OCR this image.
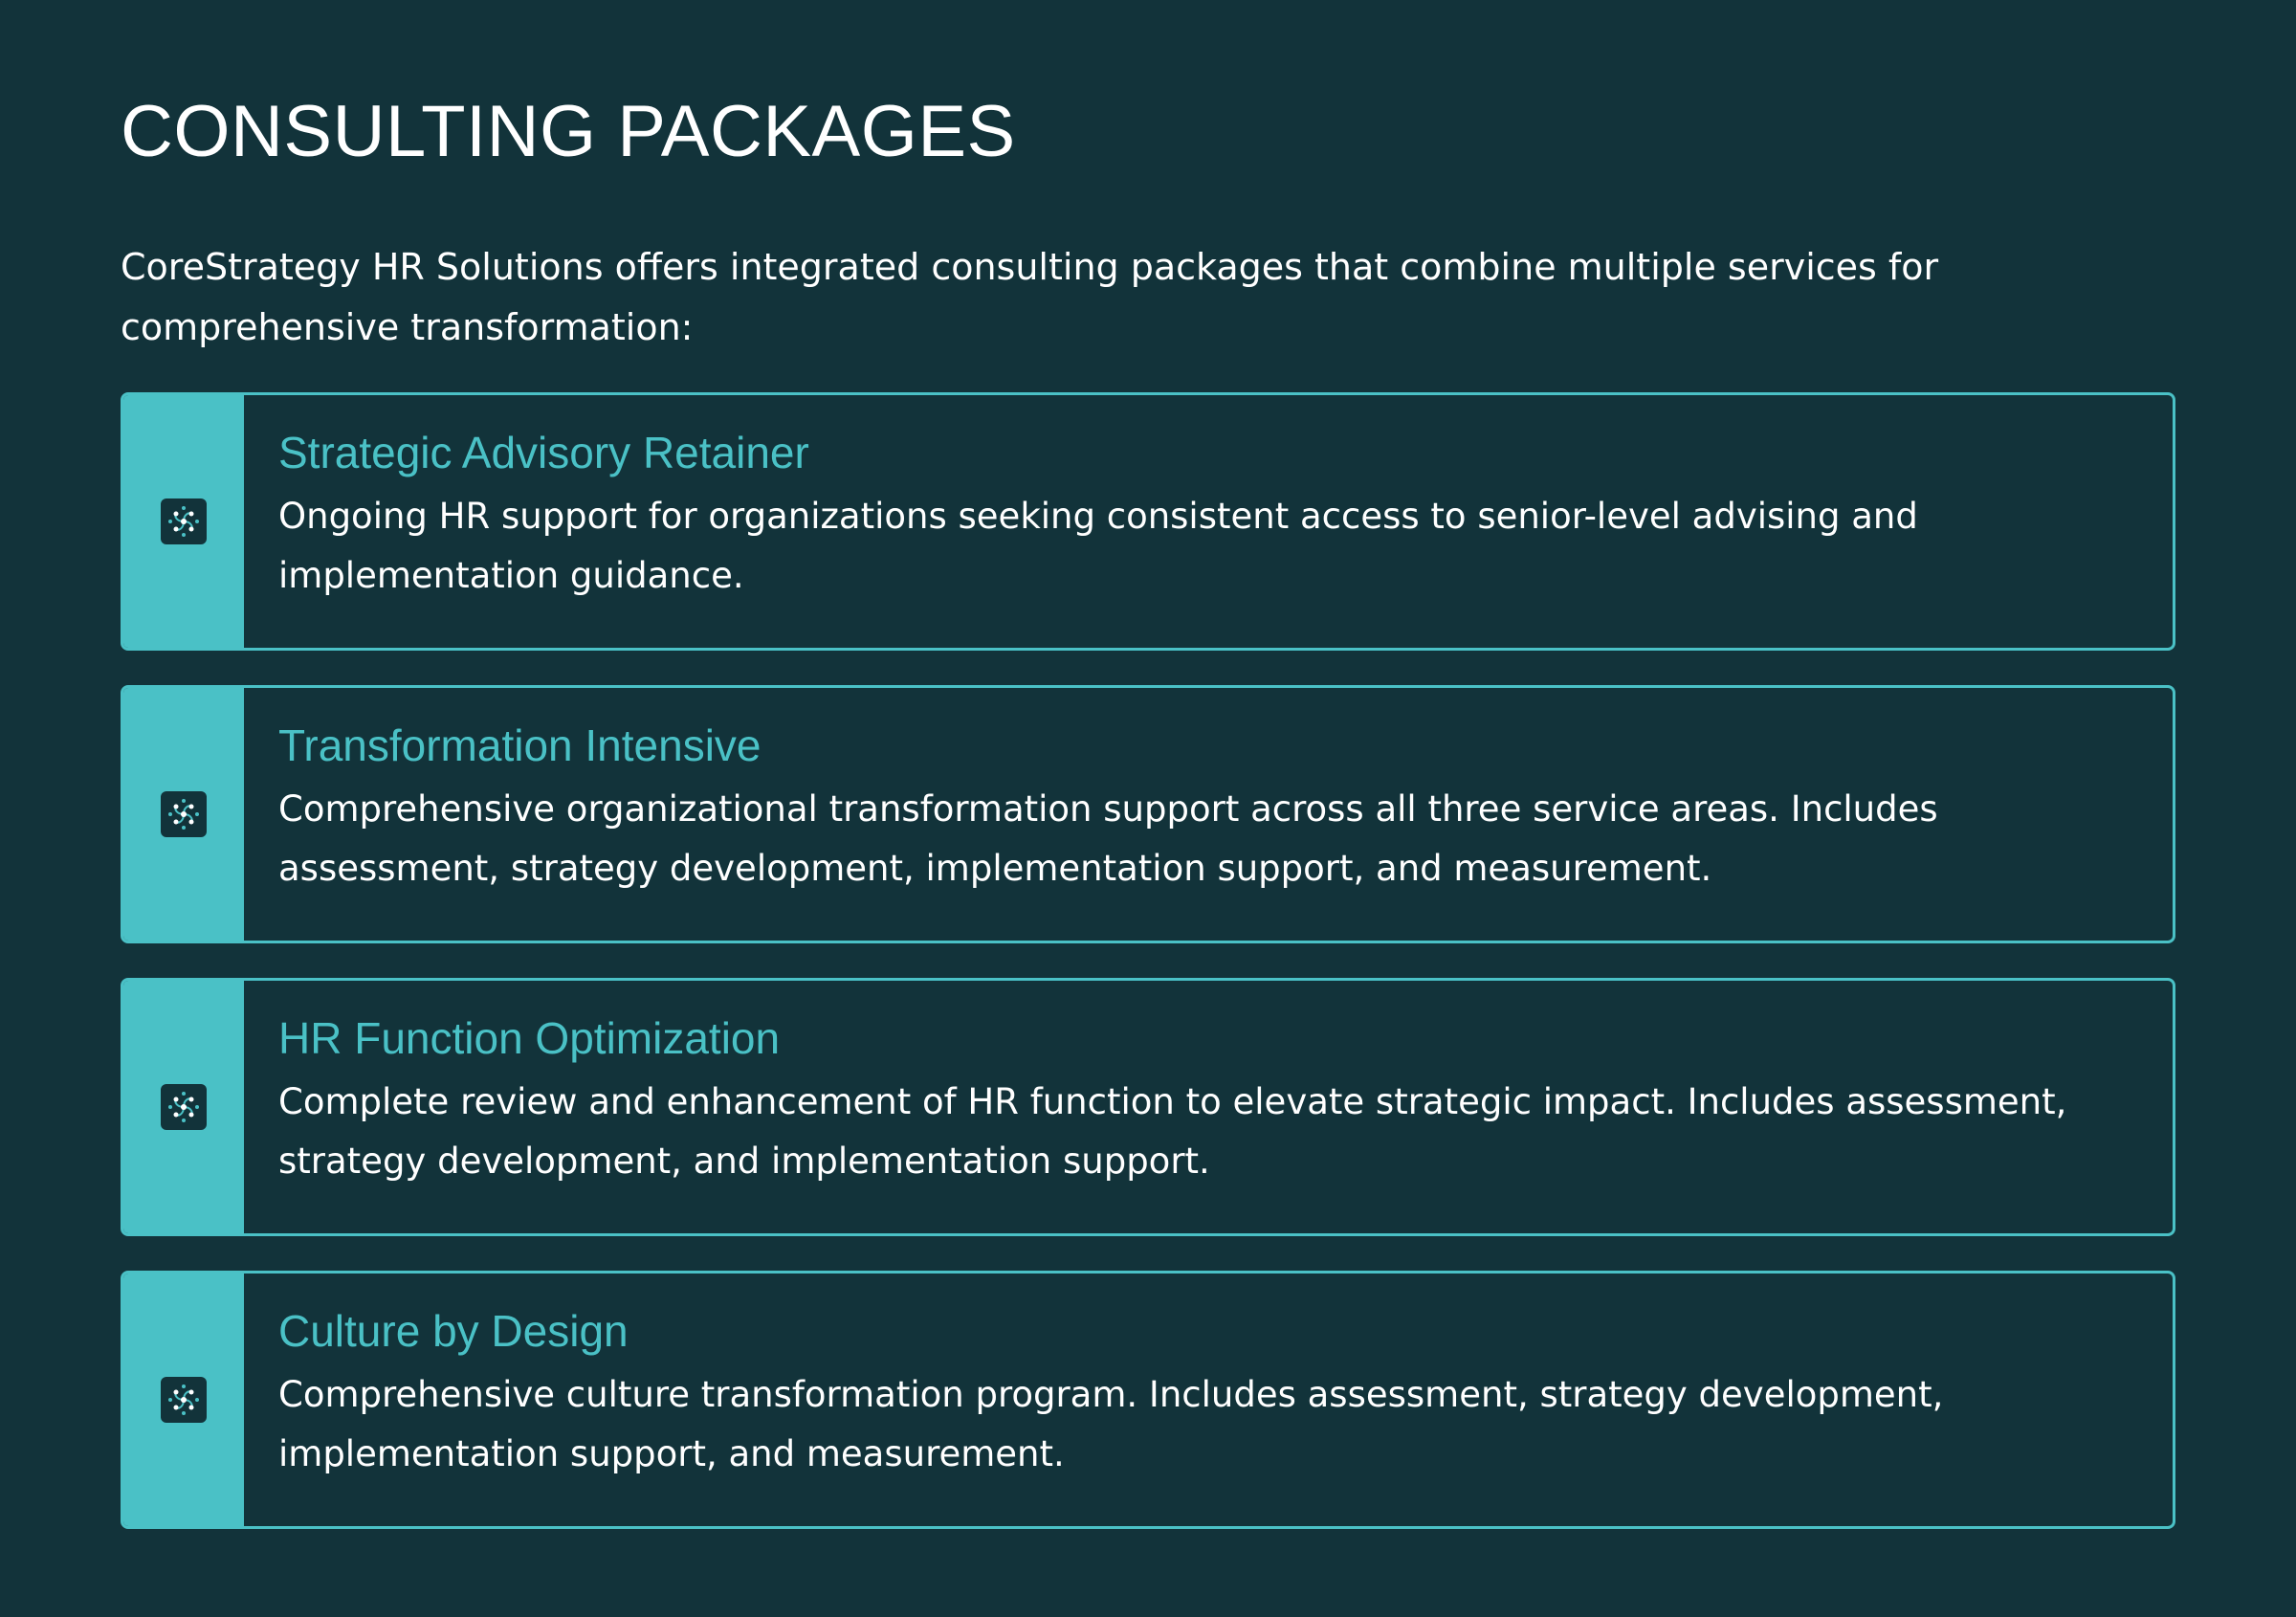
CONSULTING PACKAGES

CoreStrategy HR Solutions offers integrated consulting packages that combine multiple services for comprehensive transformation:

Strategic Advisory Retainer

Ongoing HR support for organizations seeking consistent access to senior-level advising and implementation guidance.

Transformation Intensive

Comprehensive organizational transformation support across all three service areas. Includes assessment, strategy development, implementation support, and measurement.

HR Function Optimization

Complete review and enhancement of HR function to elevate strategic impact. Includes assessment, strategy development, and implementation support.

Culture by Design

Comprehensive culture transformation program. Includes assessment, strategy development, implementation support, and measurement.
